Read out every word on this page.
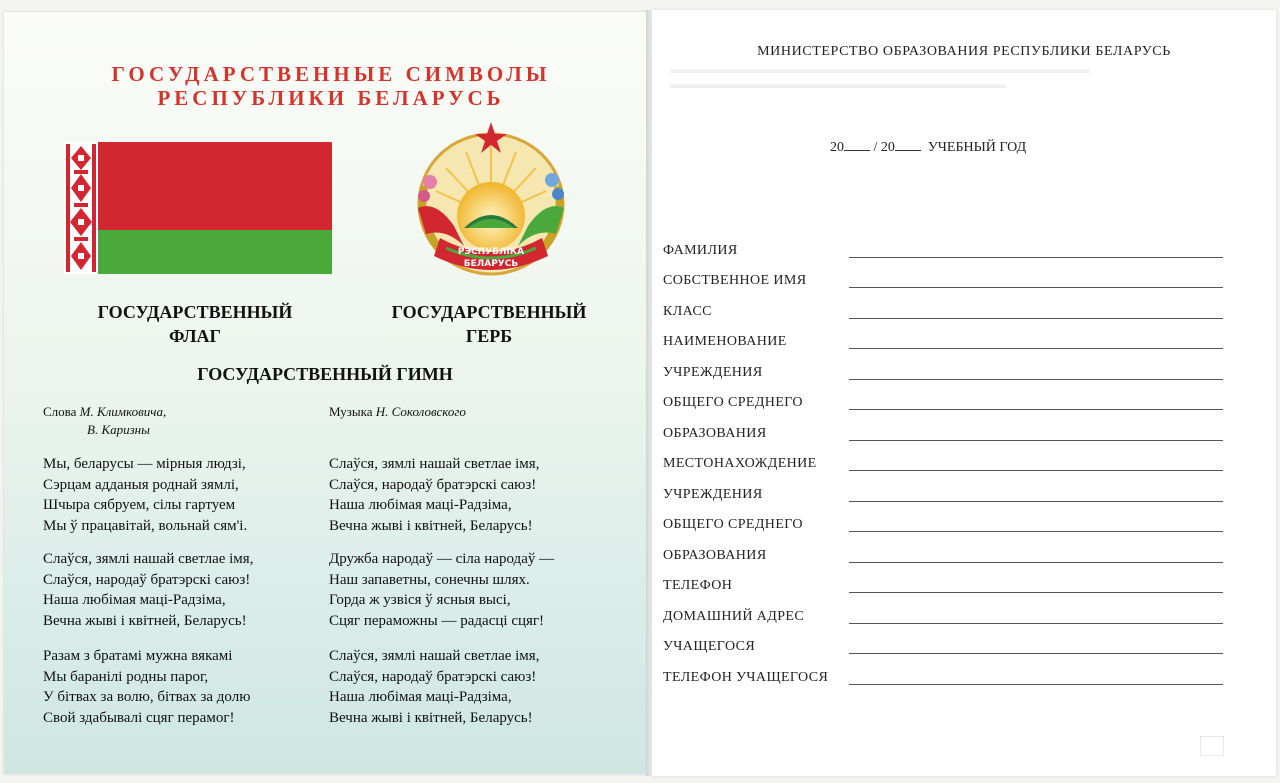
▬▬▬▬▬▬▬▬▬▬▬▬▬▬▬▬▬▬▬▬▬▬▬▬▬▬▬▬▬▬▬▬▬▬▬
▬▬▬▬▬▬▬▬▬▬▬▬▬▬▬▬▬▬▬▬▬▬▬▬▬▬▬▬
ГОСУДАРСТВЕННЫЕ СИМВОЛЫ
РЕСПУБЛИКИ БЕЛАРУСЬ
РЭСПУБЛІКА
БЕЛАРУСЬ
ГОСУДАРСТВЕННЫЙ
ФЛАГ
ГОСУДАРСТВЕННЫЙ
ГЕРБ
ГОСУДАРСТВЕННЫЙ ГИМН
Слова М. Климковича,
В. Каризны
Музыка Н. Соколовского
Мы, беларусы — мірныя людзі,
Сэрцам адданыя роднай зямлі,
Шчыра сябруем, сілы гартуем
Мы ў працавітай, вольнай сям'і.
Слаўся, зямлі нашай светлае імя,
Слаўся, народаў братэрскі саюз!
Наша любімая маці-Радзіма,
Вечна жыві і квітней, Беларусь!
Разам з братамі мужна вякамі
Мы баранілі родны парог,
У бітвах за волю, бітвах за долю
Свой здабывалі сцяг перамог!
Слаўся, зямлі нашай светлае імя,
Слаўся, народаў братэрскі саюз!
Наша любімая маці-Радзіма,
Вечна жыві і квітней, Беларусь!
Дружба народаў — сіла народаў —
Наш запаветны, сонечны шлях.
Горда ж узвіся ў ясныя высі,
Сцяг пераможны — радасці сцяг!
Слаўся, зямлі нашай светлае імя,
Слаўся, народаў братэрскі саюз!
Наша любімая маці-Радзіма,
Вечна жыві і квітней, Беларусь!
МИНИСТЕРСТВО ОБРАЗОВАНИЯ РЕСПУБЛИКИ БЕЛАРУСЬ
20 / 20 УЧЕБНЫЙ ГОД
ФАМИЛИЯ
СОБСТВЕННОЕ ИМЯ
КЛАСС
НАИМЕНОВАНИЕ
УЧРЕЖДЕНИЯ
ОБЩЕГО СРЕДНЕГО
ОБРАЗОВАНИЯ
МЕСТОНАХОЖДЕНИЕ
УЧРЕЖДЕНИЯ
ОБЩЕГО СРЕДНЕГО
ОБРАЗОВАНИЯ
ТЕЛЕФОН
ДОМАШНИЙ АДРЕС
УЧАЩЕГОСЯ
ТЕЛЕФОН УЧАЩЕГОСЯ
